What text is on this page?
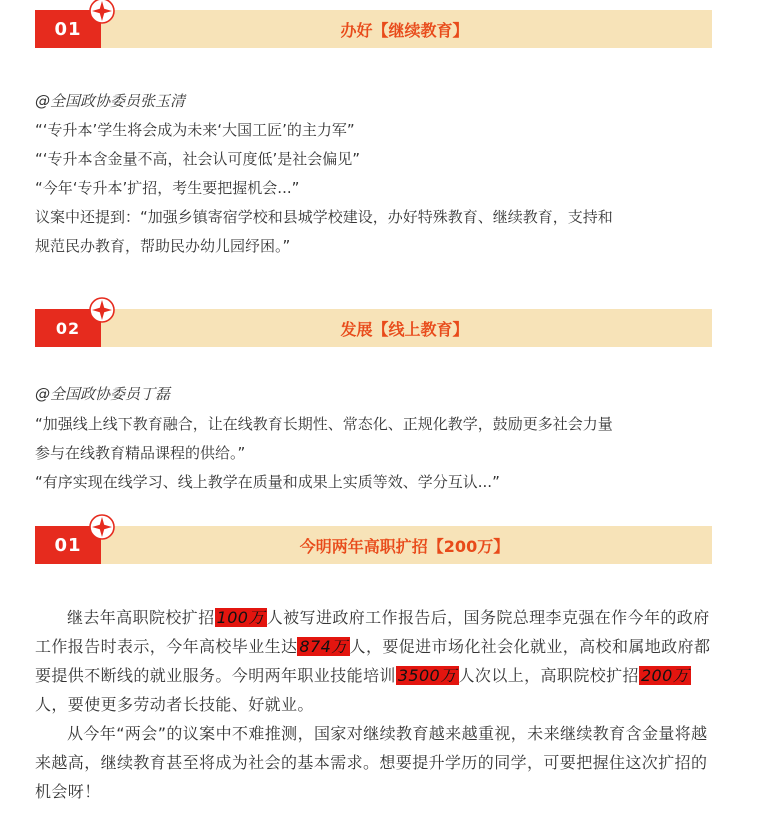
01	办好【继续教育】
@全国政协委员张玉清
“‘专升本’学生将会成为未来‘大国工匠’的主力军”
“‘专升本含金量不高，社会认可度低’是社会偏见”
“今年‘专升本’扩招，考生要把握机会...”
议案中还提到：“加强乡镇寄宿学校和县城学校建设，办好特殊教育、继续教育，支持和
规范民办教育，帮助民办幼儿园纾困。”
02	发展【线上教育】
@全国政协委员丁磊
“加强线上线下教育融合，让在线教育长期性、常态化、正规化教学，鼓励更多社会力量
参与在线教育精品课程的供给。”
“有序实现在线学习、线上教学在质量和成果上实质等效、学分互认...”
01	今明两年高职扩招【200万】

继去年高职院校扩招 100万 人被写进政府工作报告后，国务院总理李克强在作今年的政府工作报告时表示，今年高校毕业生达 874万 人，要促进市场化社会化就业，高校和属地政府都要提供不断线的就业服务。今明两年职业技能培训 3500万 人次以上，高职院校扩招 200万人，要使更多劳动者长技能、好就业。

从今年“两会”的议案中不难推测，国家对继续教育越来越重视，未来继续教育含金量将越来越高，继续教育甚至将成为社会的基本需求。想要提升学历的同学，可要把握住这次扩招的机会呀！
